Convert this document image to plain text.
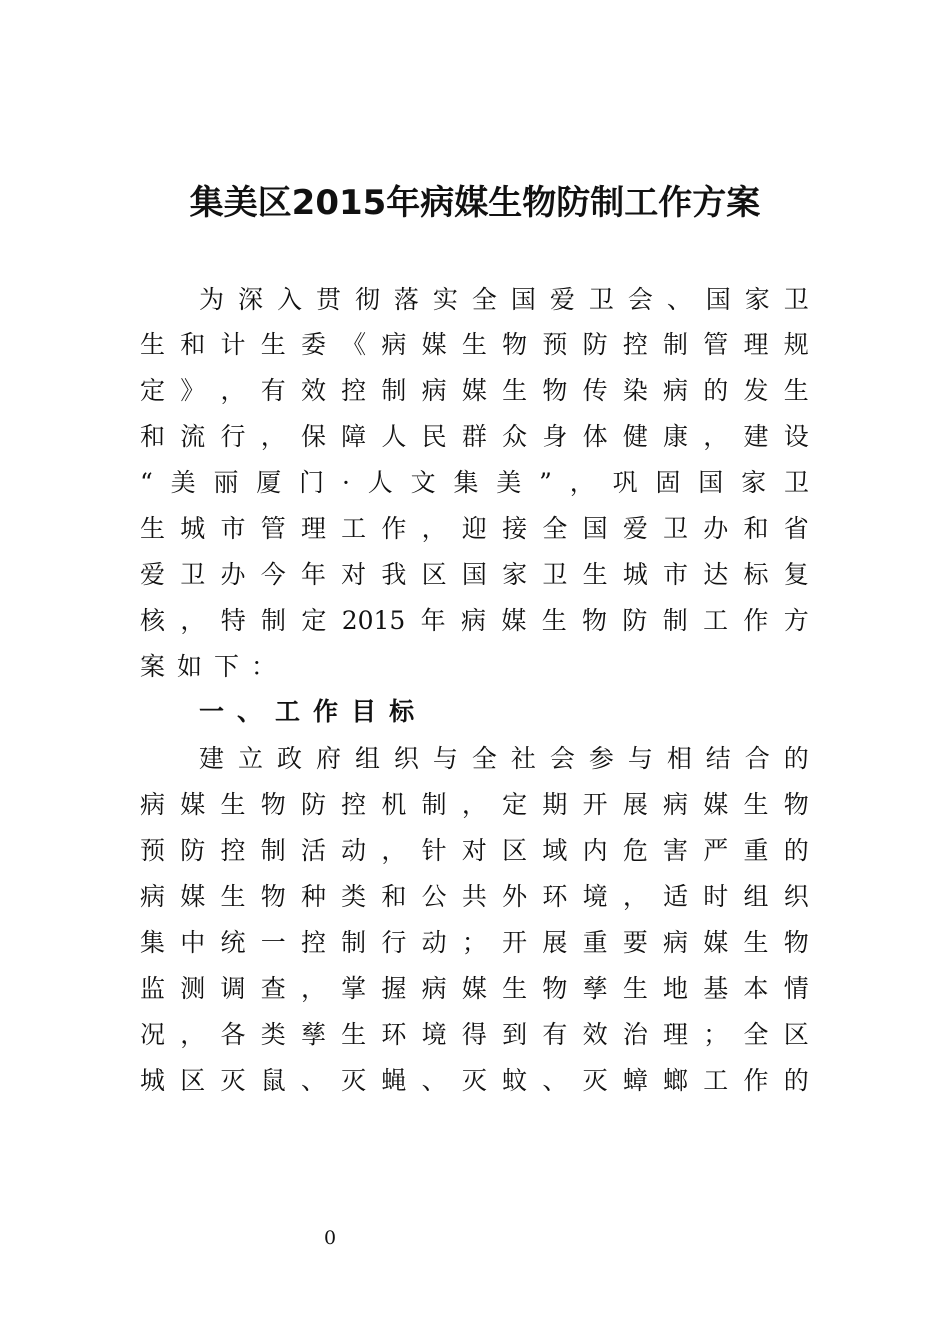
集美区2015年病媒生物防制工作方案
为 深 入 贯 彻 落 实 全 国 爱 卫 会 、 国 家 卫
生 和 计 生 委 《 病 媒 生 物 预 防 控 制 管 理 规
定 》 ， 有 效 控 制 病 媒 生 物 传 染 病 的 发 生
和 流 行 ， 保 障 人 民 群 众 身 体 健 康 ， 建 设
“ 美 丽 厦 门 · 人 文 集 美 ” ， 巩 固 国 家 卫
生 城 市 管 理 工 作 ， 迎 接 全 国 爱 卫 办 和 省
爱 卫 办 今 年 对 我 区 国 家 卫 生 城 市 达 标 复
核 ， 特 制 定 2015 年 病 媒 生 物 防 制 工 作 方
案 如 下 ：
一 、 工 作 目 标
建 立 政 府 组 织 与 全 社 会 参 与 相 结 合 的
病 媒 生 物 防 控 机 制 ， 定 期 开 展 病 媒 生 物
预 防 控 制 活 动 ， 针 对 区 域 内 危 害 严 重 的
病 媒 生 物 种 类 和 公 共 外 环 境 ， 适 时 组 织
集 中 统 一 控 制 行 动 ； 开 展 重 要 病 媒 生 物
监 测 调 查 ， 掌 握 病 媒 生 物 孳 生 地 基 本 情
况 ， 各 类 孳 生 环 境 得 到 有 效 治 理 ； 全 区
城 区 灭 鼠 、 灭 蝇 、 灭 蚊 、 灭 蟑 螂 工 作 的
0
